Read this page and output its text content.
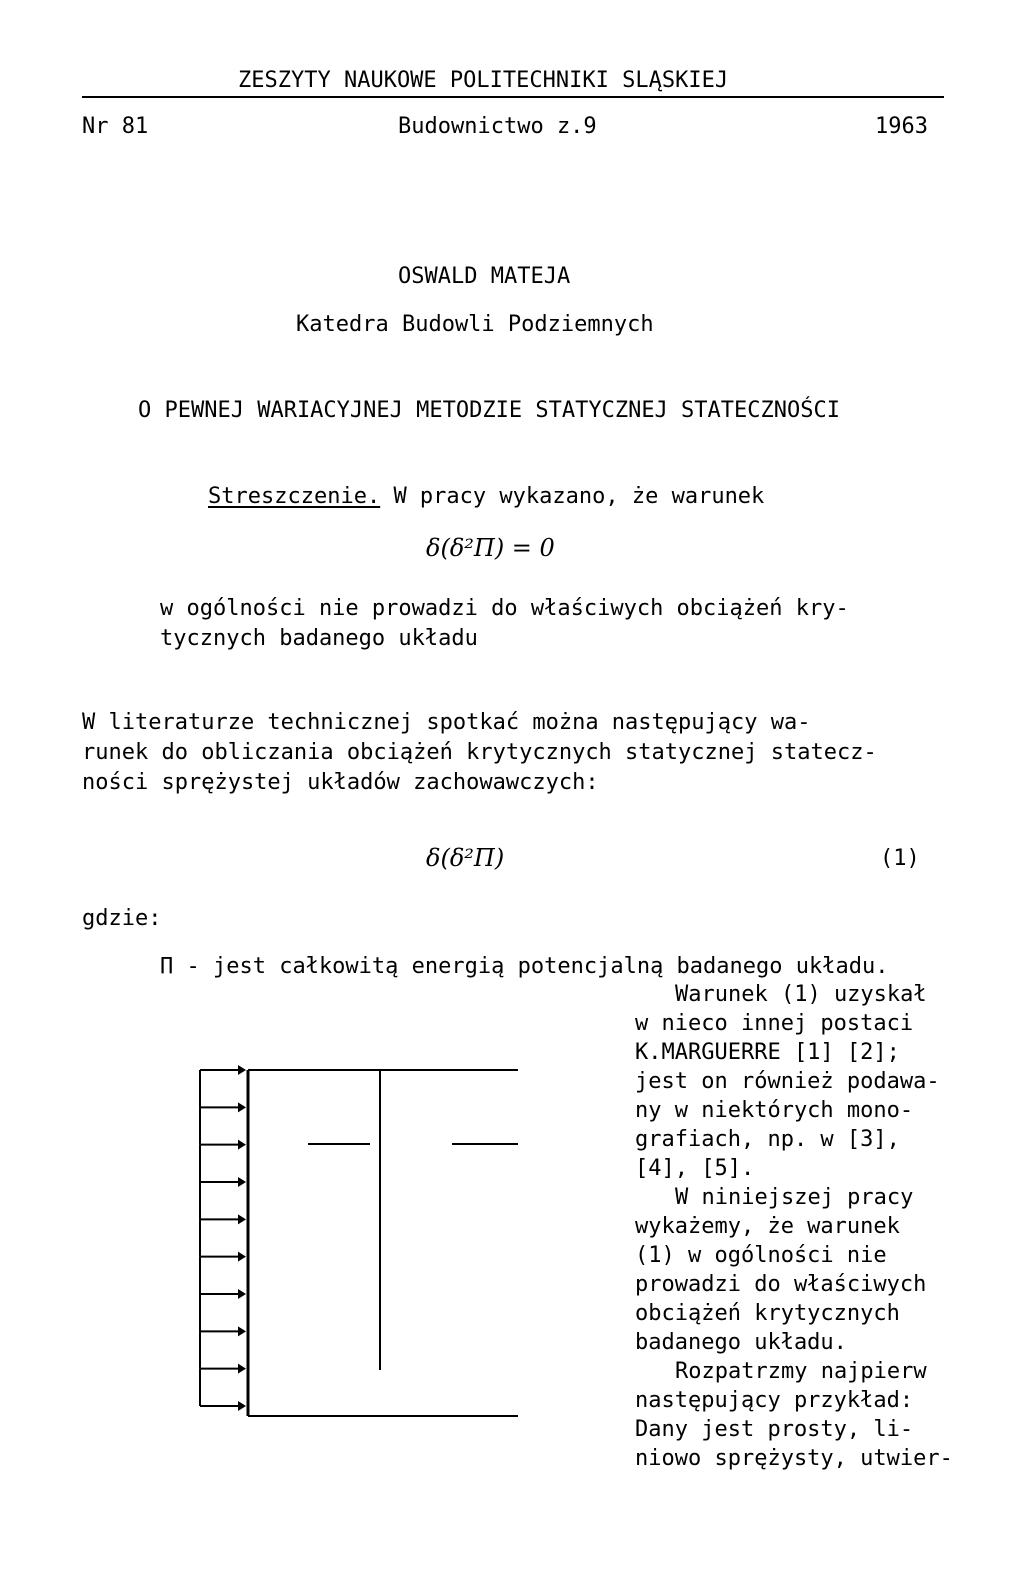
ZESZYTY NAUKOWE POLITECHNIKI SLĄSKIEJ
Nr 81	Budownictwo z.9	1963
OSWALD MATEJA
Katedra Budowli Podziemnych
O PEWNEJ WARIACYJNEJ METODZIE STATYCZNEJ STATECZNOŚCI
Streszczenie. W pracy wykazano, że warunek
δ(δ²Π) = 0
w ogólności nie prowadzi do właściwych obciążeń kry-
tycznych badanego układu
W literaturze technicznej spotkać można następujący wa-
runek do obliczania obciążeń krytycznych statycznej statecz-
ności sprężystej układów zachowawczych:
δ(δ²Π)	(1)
gdzie:
Π - jest całkowitą energią potencjalną badanego układu.
Warunek (1) uzyskał
w nieco innej postaci
K.MARGUERRE [1] [2];
jest on również podawa-
ny w niektórych mono-
grafiach, np. w [3],
[4], [5].
W niniejszej pracy
wykażemy, że warunek
(1) w ogólności nie
prowadzi do właściwych
obciążeń krytycznych
badanego układu.
Rozpatrzmy najpierw
następujący przykład:
Dany jest prosty, li-
niowo sprężysty, utwier-
